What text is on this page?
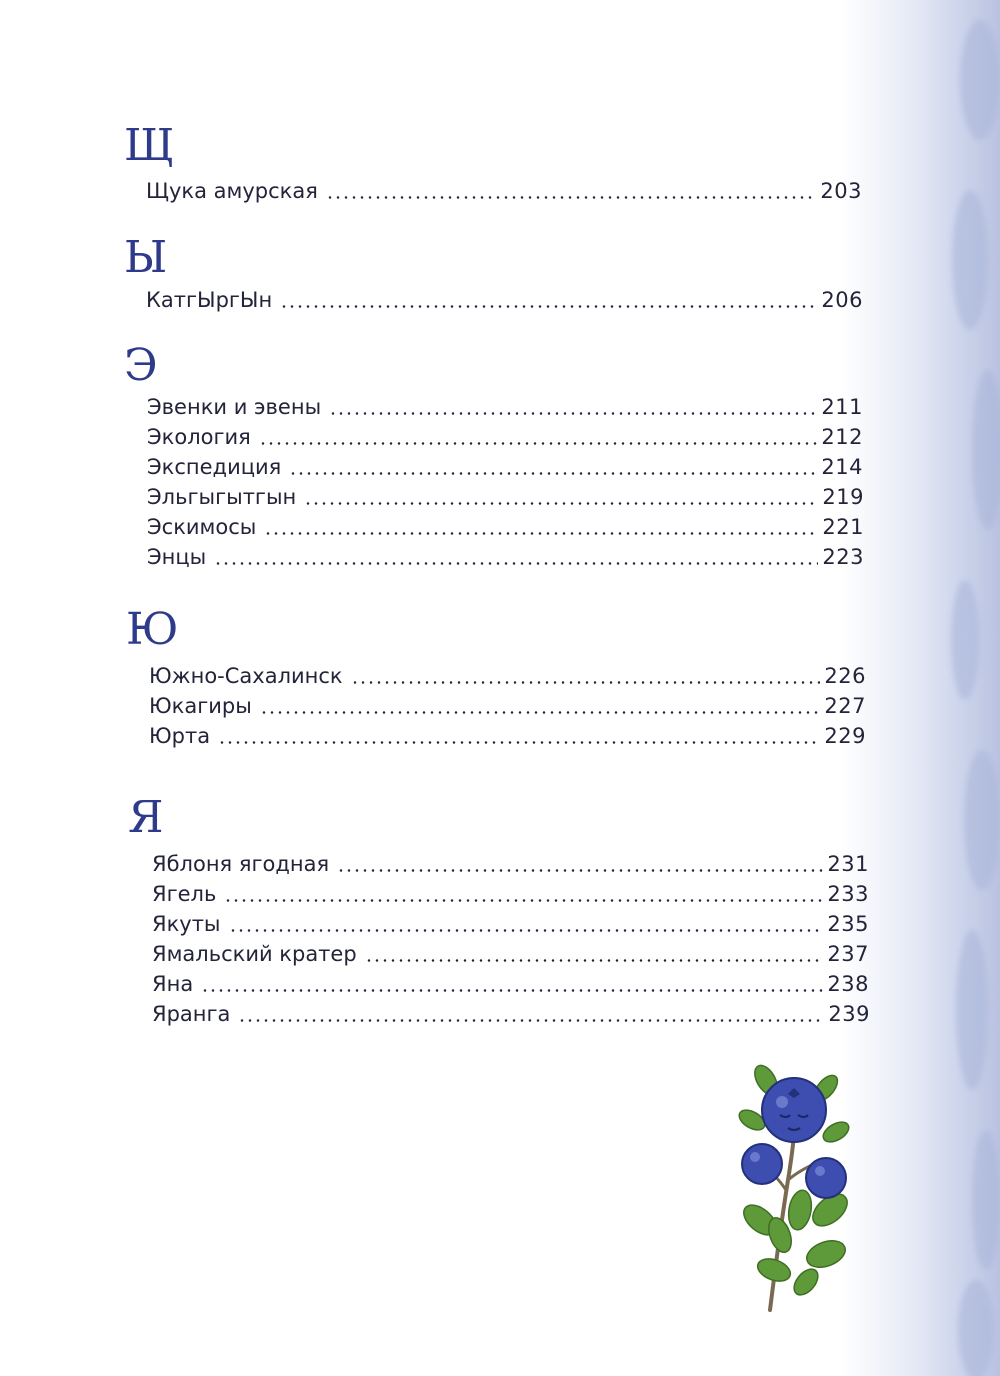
Щ
Щука амурская	203
Ы
КатгЫргЫн	206
Э
Эвенки и эвены	211
Экология	212
Экспедиция	214
Эльгыгытгын	219
Эскимосы	221
Энцы	223
Ю
Южно-Сахалинск	226
Юкагиры	227
Юрта	229
Я
Яблоня ягодная	231
Ягель	233
Якуты	235
Ямальский кратер	237
Яна	238
Яранга	239
